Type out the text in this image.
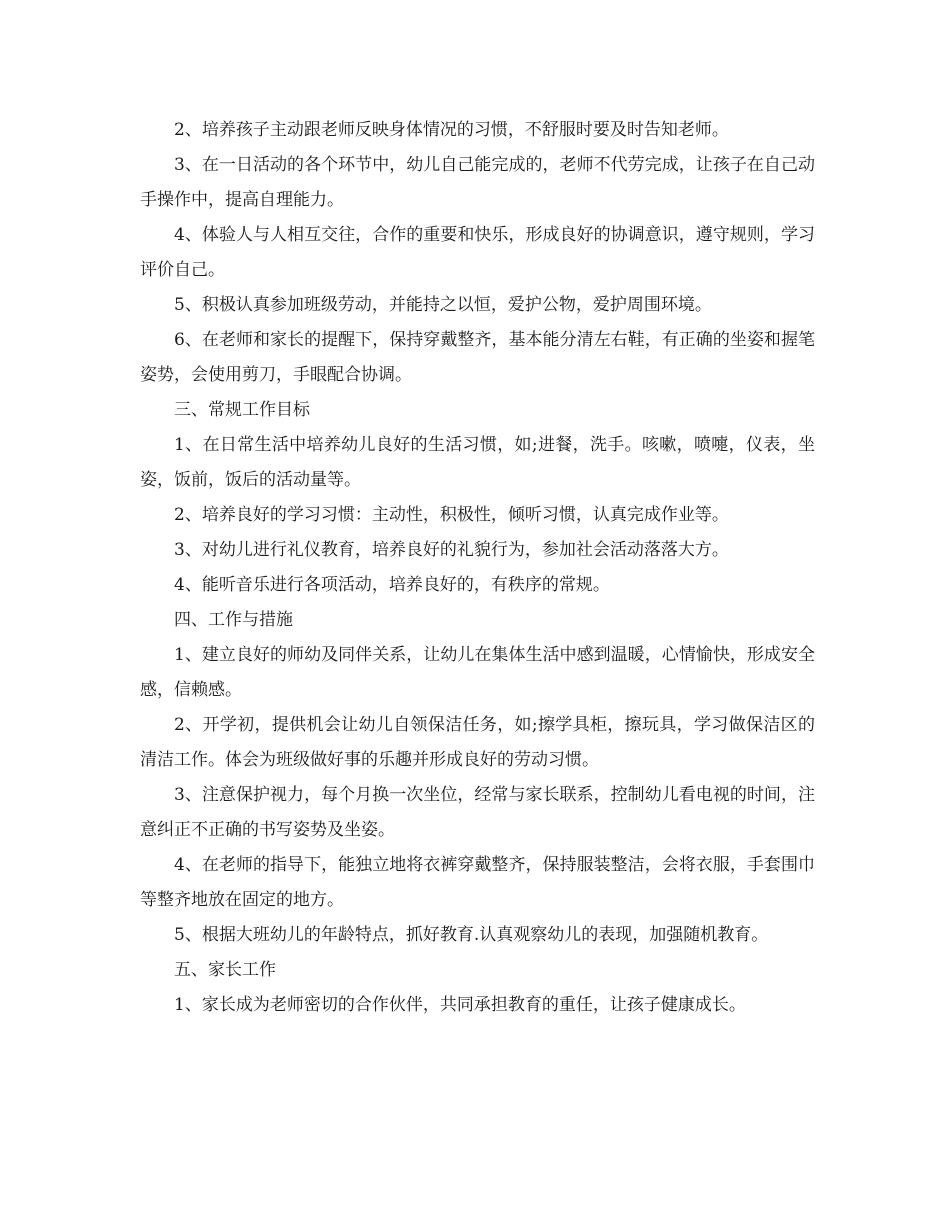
2、培养孩子主动跟老师反映身体情况的习惯，不舒服时要及时告知老师。

3、在一日活动的各个环节中，幼儿自己能完成的，老师不代劳完成，让孩子在自己动手操作中，提高自理能力。

4、体验人与人相互交往，合作的重要和快乐，形成良好的协调意识，遵守规则，学习评价自己。

5、积极认真参加班级劳动，并能持之以恒，爱护公物，爱护周围环境。

6、在老师和家长的提醒下，保持穿戴整齐，基本能分清左右鞋，有正确的坐姿和握笔姿势，会使用剪刀，手眼配合协调。

三、常规工作目标

1、在日常生活中培养幼儿良好的生活习惯，如;进餐，洗手。咳嗽，喷嚏，仪表，坐姿，饭前，饭后的活动量等。

2、培养良好的学习习惯：主动性，积极性，倾听习惯，认真完成作业等。

3、对幼儿进行礼仪教育，培养良好的礼貌行为，参加社会活动落落大方。

4、能听音乐进行各项活动，培养良好的，有秩序的常规。

四、工作与措施

1、建立良好的师幼及同伴关系，让幼儿在集体生活中感到温暖，心情愉快，形成安全感，信赖感。

2、开学初，提供机会让幼儿自领保洁任务，如;擦学具柜，擦玩具，学习做保洁区的清洁工作。体会为班级做好事的乐趣并形成良好的劳动习惯。

3、注意保护视力，每个月换一次坐位，经常与家长联系，控制幼儿看电视的时间，注意纠正不正确的书写姿势及坐姿。

4、在老师的指导下，能独立地将衣裤穿戴整齐，保持服装整洁，会将衣服，手套围巾等整齐地放在固定的地方。

5、根据大班幼儿的年龄特点，抓好教育.认真观察幼儿的表现，加强随机教育。

五、家长工作

1、家长成为老师密切的合作伙伴，共同承担教育的重任，让孩子健康成长。
